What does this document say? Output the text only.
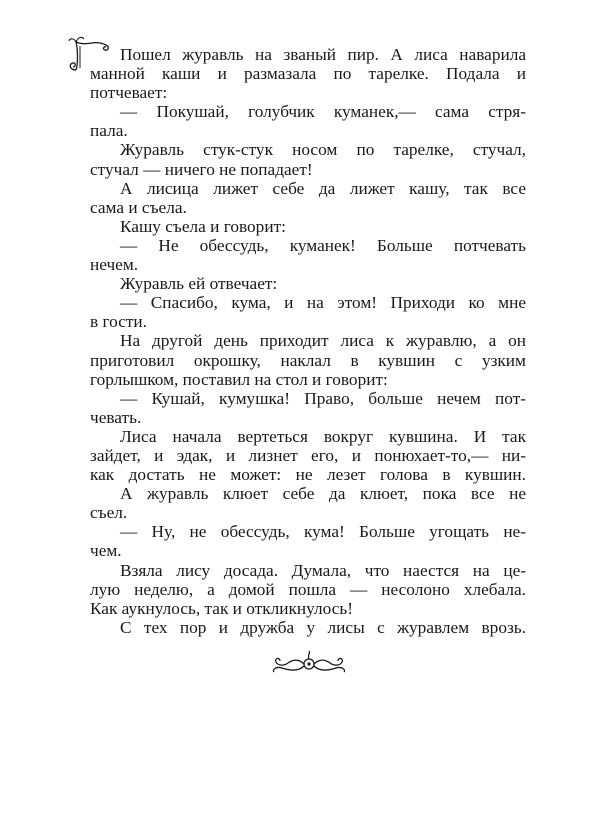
Пошел журавль на званый пир. А лиса наварила
манной каши и размазала по тарелке. Подала и
потчевает:
— Покушай, голубчик куманек,— сама стря-
пала.
Журавль стук-стук носом по тарелке, стучал,
стучал — ничего не попадает!
А лисица лижет себе да лижет кашу, так все
сама и съела.
Кашу съела и говорит:
— Не обессудь, куманек! Больше потчевать
нечем.
Журавль ей отвечает:
— Спасибо, кума, и на этом! Приходи ко мне
в гости.
На другой день приходит лиса к журавлю, а он
приготовил окрошку, наклал в кувшин с узким
горлышком, поставил на стол и говорит:
— Кушай, кумушка! Право, больше нечем пот-
чевать.
Лиса начала вертеться вокруг кувшина. И так
зайдет, и эдак, и лизнет его, и понюхает-то,— ни-
как достать не может: не лезет голова в кувшин.
А журавль клюет себе да клюет, пока все не
съел.
— Ну, не обессудь, кума! Больше угощать не-
чем.
Взяла лису досада. Думала, что наестся на це-
лую неделю, а домой пошла — несолоно хлебала.
Как аукнулось, так и откликнулось!
С тех пор и дружба у лисы с журавлем врозь.
